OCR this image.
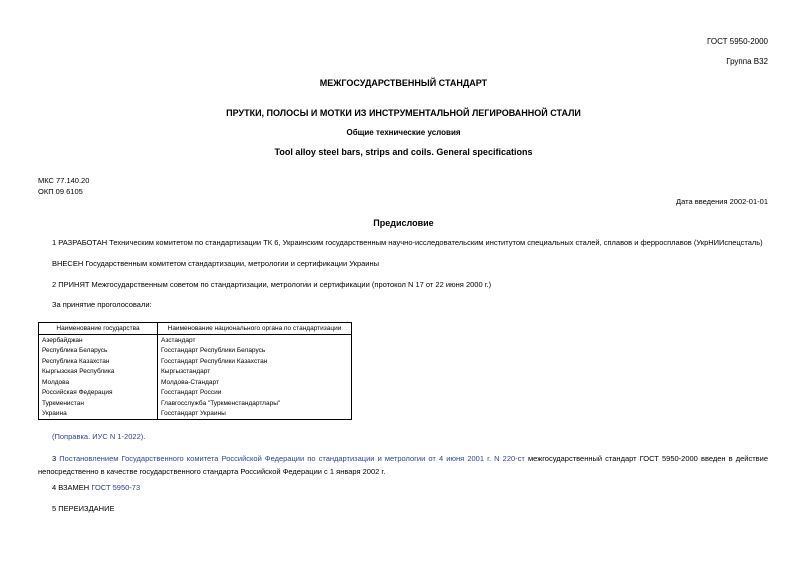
ГОСТ 5950-2000
Группа В32
МЕЖГОСУДАРСТВЕННЫЙ СТАНДАРТ
ПРУТКИ, ПОЛОСЫ И МОТКИ ИЗ ИНСТРУМЕНТАЛЬНОЙ ЛЕГИРОВАННОЙ СТАЛИ
Общие технические условия
Tool alloy steel bars, strips and coils. General specifications
МКС 77.140.20
ОКП 09 6105
Дата введения 2002-01-01
Предисловие
1 РАЗРАБОТАН Техническим комитетом по стандартизации ТК 6, Украинским государственным научно-исследовательским институтом специальных сталей, сплавов и ферросплавов (УкрНИИспецсталь)
ВНЕСЕН Государственным комитетом стандартизации, метрологии и сертификации Украины
2 ПРИНЯТ Межгосударственным советом по стандартизации, метрологии и сертификации (протокол N 17 от 22 июня 2000 г.)
За принятие проголосовали:
Наименование государства	Наименование национального органа по стандартизации
Азербайджан	Азстандарт
Республика Беларусь	Госстандарт Республики Беларусь
Республика Казахстан	Госстандарт Республики Казахстан
Кыргызская Республика	Кыргызстандарт
Молдова	Молдова-Стандарт
Российская Федерация	Госстандарт России
Туркменистан	Главгосслужба "Туркменстандартлары"
Украина	Госстандарт Украины
(Поправка. ИУС N 1-2022).
3 Постановлением Государственного комитета Российской Федерации по стандартизации и метрологии от 4 июня 2001 г. N 220-ст межгосударственный стандарт ГОСТ 5950-2000 введен в действие непосредственно в качестве государственного стандарта Российской Федерации с 1 января 2002 г.
4 ВЗАМЕН ГОСТ 5950-73
5 ПЕРЕИЗДАНИЕ
